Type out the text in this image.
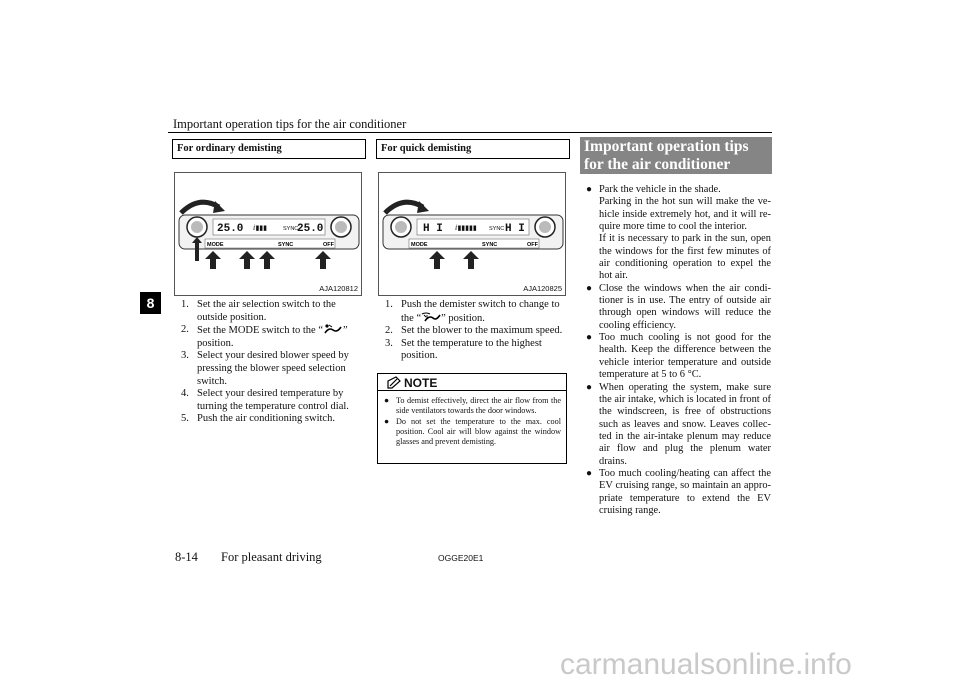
Important operation tips for the air conditioner
8
For ordinary demisting
25.0 ⅈ▮▮▮	SYNC
25.0
MODE	SYNC	OFF
AJA120812
1. Set the air selection switch to the outside position.
2. Set the MODE switch to the “ ” position.
3. Select your desired blower speed by pressing the blower speed selection switch.
4. Select your desired temperature by turning the temperature control dial.
5. Push the air conditioning switch.
For quick demisting
H I ⅈ▮▮▮▮▮ SYNC H I
MODE	SYNC	OFF
AJA120825
1. Push the demister switch to change to the “ ” position.
2. Set the blower to the maximum speed.
3. Set the temperature to the highest position.
NOTE
● To demist effectively, direct the air flow from the side ventilators towards the door windows.
● Do not set the temperature to the max. cool position. Cool air will blow against the window glasses and prevent demisting.
Important operation tips for the air conditioner
● Park the vehicle in the shade.

Parking in the hot sun will make the vehicle inside extremely hot, and it will require more time to cool the interior.

If it is necessary to park in the sun, open the windows for the first few minutes of air conditioning operation to expel the hot air.

● Close the windows when the air conditioner is in use. The entry of outside air through open windows will reduce the cooling efficiency.

● Too much cooling is not good for the health. Keep the difference between the vehicle interior temperature and outside temperature at 5 to 6 °C.

● When operating the system, make sure the air intake, which is located in front of the windscreen, is free of obstructions such as leaves and snow. Leaves collected in the air-intake plenum may reduce air flow and plug the plenum water drains.

● Too much cooling/heating can affect the EV cruising range, so maintain an appropriate temperature to extend the EV cruising range.

8-14 For pleasant driving	OGGE20E1
carmanualsonline.info
